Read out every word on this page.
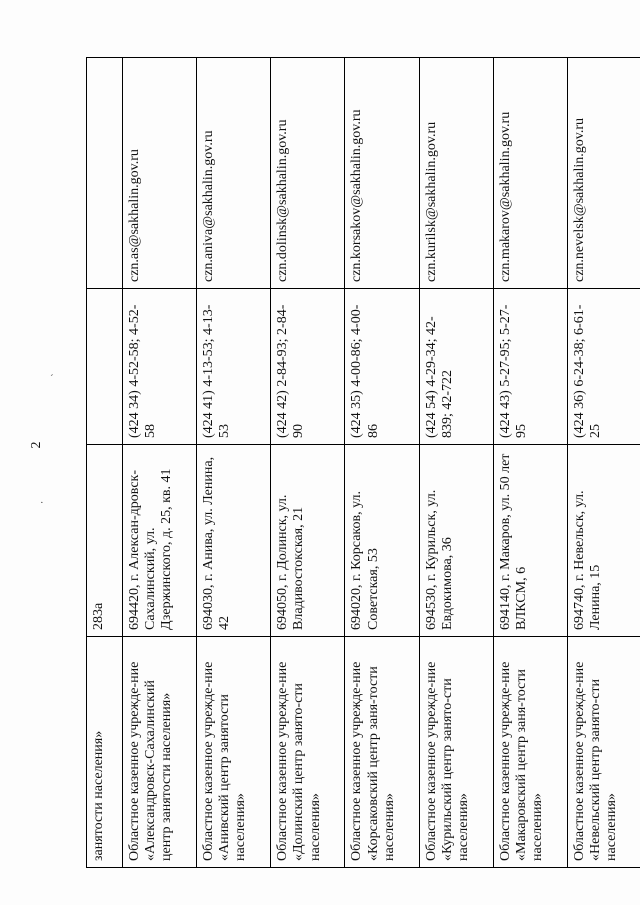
·
´
2
занятости населения»	283а		
Областное казенное учрежде-ние «Александровск-Сахалинский центр занятости населения»	694420, г. Алексан-дровск-Сахалинский, ул. Дзержинского, д. 25, кв. 41	(424 34) 4-52-58; 4-52-58	czn.as@sakhalin.gov.ru
Областное казенное учрежде-ние «Анивский центр занятости населения»	694030, г. Анива, ул. Ленина, 42	(424 41) 4-13-53; 4-13-53	czn.aniva@sakhalin.gov.ru
Областное казенное учрежде-ние «Долинский центр занято-сти населения»	694050, г. Долинск, ул. Владивостокская, 21	(424 42) 2-84-93; 2-84-90	czn.dolinsk@sakhalin.gov.ru
Областное казенное учрежде-ние «Корсаковский центр заня-тости населения»	694020, г. Корсаков, ул. Советская, 53	(424 35) 4-00-86; 4-00-86	czn.korsakov@sakhalin.gov.ru
Областное казенное учрежде-ние «Курильский центр занято-сти населения»	694530, г. Курильск, ул. Евдокимова, 36	(424 54) 4-29-34; 42-839; 42-722	czn.kurilsk@sakhalin.gov.ru
Областное казенное учрежде-ние «Макаровский центр заня-тости населения»	694140, г. Макаров, ул. 50 лет ВЛКСМ, 6	(424 43) 5-27-95; 5-27-95	czn.makarov@sakhalin.gov.ru
Областное казенное учрежде-ние «Невельский центр занято-сти населения»	694740, г. Невельск, ул. Ленина, 15	(424 36) 6-24-38; 6-61-25	czn.nevelsk@sakhalin.gov.ru
